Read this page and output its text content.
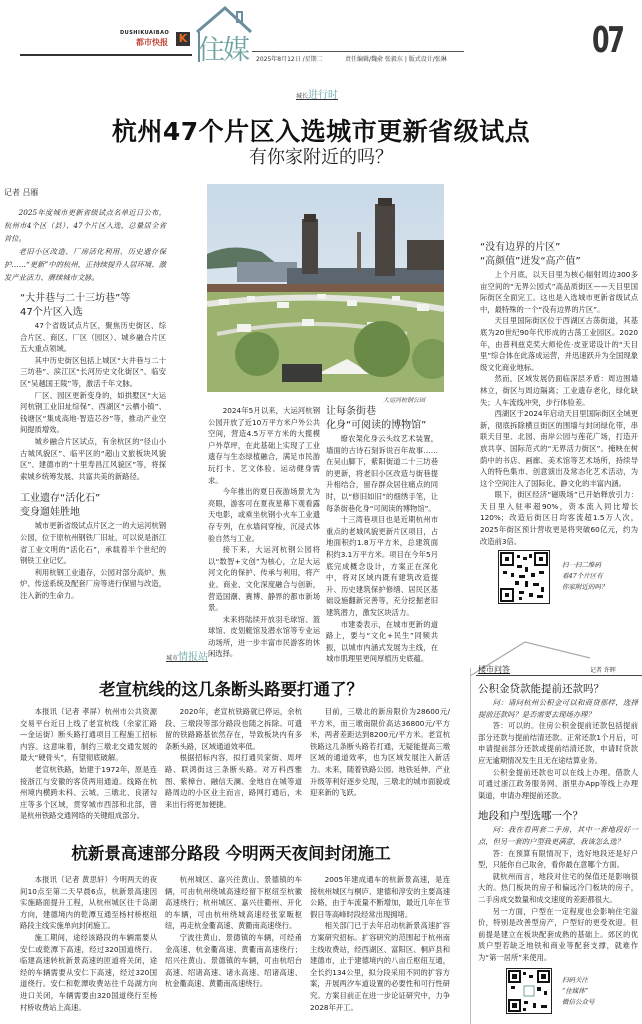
DUSHIKUAIBAO
都市快报 K 住媒 2025年8月12日 /星期二	责任编辑/魏俞 张毅东 | 版式设计/张琳	07
城长进行时
杭州47个片区入选城市更新省级试点
有你家附近的吗？
记者 吕雁

2025年度城市更新省级试点名单近日公布，杭州市4个区（县）、47个片区入选，总量居全省首位。

老旧小区改造、厂房活化利用、历史遗存保护……“更新”中的杭州，正持续提升人居环境、激发产业活力、赓续城市文脉。

“大井巷与二十三坊巷”等
47个片区入选

47个省级试点片区，聚焦历史街区、综合片区、商区、厂区（园区）、城乡融合片区五大重点领域。

其中历史街区包括上城区“大井巷与二十三坊巷”、滨江区“长河历史文化街区”、临安区“吴越国王陵”等，激活千年文脉。

厂区、园区更新变身的，如拱墅区“大运河杭钢工业旧址综保”、西湖区“云栖小镇”、钱塘区“集成高地·智造芯谷”等，推动产业空间提质增效。

城乡融合片区试点，有余杭区的“径山小古城风貌区”、临平区的“超山文旅板块风貌区”、建德市的“十里寿昌江风貌区”等，将探索城乡统筹发展、共富共美的新路径。

工业遗存“活化石”
变身遛娃胜地

城市更新省级试点片区之一的大运河杭钢公园，位于原杭州钢铁厂旧址，可以说是浙江省工业文明的“活化石”，承载着半个世纪的钢铁工业记忆。

利用杭钢工业遗存，公园对部分高炉、焦炉、传送系统及配套厂房等进行保留与改造，注入新的生命力。

大运河杭钢公园

2024年5月以来，大运河杭钢公园开放了近10万平方米户外公共空间，营造4.5万平方米的大揽模户外草坪，在此基础上实现了工业遗存与生态绿植融合，满足市民游玩打卡、艺文体验、运动健身需求。

今年推出的夏日夜游场景尤为亮眼，游客可在夏夜星幕下观看露天电影，或乘坐杭钢小火车工业遗存专列，在水墙间穿梭，沉浸式体验自然与工业。

接下来，大运河杭钢公园将以“数智+文创”为核心，立足大运河文化的保护、传承与利用，将产业、商业、文化深度融合与创新，营造国潮、赛博、静界的都市新场景。

未来将陆续开放羽毛球馆、篮球馆、皮划艇馆及潜水馆等专业运动场所，进一步丰富市民游客的休闲选择。

让每条街巷
化身“可阅读的博物馆”

缭农架化身云头纹艺术装置，墙面的古诗石刻诉说百年故事……在吴山脚下，紫阳街道二十三坊巷的更新，将老旧小区改造与街巷提升相结合，留存群众居住痛点的同时，以“修旧如旧”的细绣手笔，让每条街巷化身“可阅读的博物馆”。

十三湾巷项目也是近期杭州市重点的老城风貌更新片区项目，占地面积约1.8万平方米，总建筑面积约3.1万平方米。项目在今年5月底完成概念设计，方案正在深化中，将对区域内既有建筑改造提升、历史建筑保护修缮、居民区基础设施翻新完善等，充分挖掘老旧建筑潜力，激发区块活力。

市建委表示，在城市更新的道路上，要与“文化+民生”同频共振，以城市内涵式发展为主线，在城市肌理里更间厚植历史底蕴。

“没有边界的片区”
“高颜值”迸发“高产值”

上个月底，以天目里为核心辐射周边300多亩空间的“无界公园式”高品质街区——天目里国际街区全面完工。这也是入选城市更新省级试点中，最特殊的一个“没有边界的片区”。

天目里国际街区位于西湖区古荡街道，其基底为20世纪90年代形成的古荡工业园区。2020年，由普利兹克奖大师伦佐·皮亚诺设计的“天目里”综合体在此落成运营，并迅速跃升为全国现象级文化商业地标。

然而，区域发展仍面临深层矛盾：周边围墙林立，街区与周边隔离；工业遗存老化，绿化缺失；人车流线冲突，步行体验差。

西湖区于2024年启动天目里国际街区全域更新，彻底拆除横亘街区的围墙与封闭绿化带，串联天目里、北园、南岸公园与莲花广场，打造开放共享、国际范式的“无界活力街区”。掩映在树荫中的书店、画廊、美术馆等艺术场所，持续导入的特色集市、创意演出及常态化艺术活动，为这个空间注入了国际化、静文化的丰富内涵。

眼下，街区经济“磁吸场”已开始释放引力：天目里入驻率超90%，资本流入同比增长120%；改造后街区日均客流超1.5万人次，2025年街区预计营收更是将突破60亿元，约为改造前3倍。

扫一扫二维码
看47个片区有
你家附近的吗？
城市情报站
老宣杭线的这几条断头路要打通了？

本报讯（记者 孝屏）杭州市公共资源交易平台近日上线了老宣杭线（余家汇路—金运街）断头路打通项目工程施工招标内容。这意味着，制约三墩北交通发展的最大“硬骨头”，有望彻底破解。

老宣杭铁路，始建于1972年，原是连接浙江与安徽的客货两用通道。线路在杭州境内横跨未科、云城、三墩北、良渚勾庄等多个区域，贯穿城市西部和北部，曾是杭州铁路交通网络的关键组成部分。

2020年，老宣杭铁路就已停运，余杭段、三墩段等部分路段也随之拆除。可遗留的铁路路基依然存在，导致板块内有多条断头路，区域通道效率低。

根据招标内容，拟打通贝家街、周坪路、联鸿街这三条断头路。对万科西雅图、紫樟台、融信天澜、金地自在城等道路周边的小区业主而言，路网打通后，未来出行将更加便捷。

目前，三墩北的新房限价为28600元/平方米，而三墩南限价高达36800元/平方米，两者差距达到8200元/平方米。老宣杭铁路这几条断头路若打通，无疑能提高三墩区域的通道效率，也为区域发展注入新活力。未来，随着铁路公园、地铁延伸、产业升级等利好逐步兑现，三墩北的城市面貌或迎来新的飞跃。

杭新景高速部分路段 今明两天夜间封闭施工

本报讯（记者 黄思轩）今明两天的夜间10点至第二天早晨6点，杭新景高速因实施路面提升工程，从杭州城区往千岛湖方向，建德境内的乾潭互通至杨村桥枢纽路段主线实施单向封闭施工。

施工期间，途经该路段的车辆需要从安仁或乾潭下高速，经过320国道绕行。临建高速转杭新景高速的匝道将关闭，途经的车辆需要从安仁下高速，经过320国道绕行。安仁和乾潭收费站往千岛湖方向进口关闭，车辆需要由320国道绕行至杨村桥收费站上高速。

杭州城区、嘉兴往黄山、景德镇的车辆，可由杭州绕城高速经留下枢纽至杭徽高速绕行；杭州城区、嘉兴往衢州、开化的车辆，可由杭州绕城高速经张家畈枢纽，再走杭金衢高速、黄衢南高速绕行。

宁波往黄山、景德镇的车辆，可经甬金高速、杭金衢高速、黄衢南高速绕行；绍兴往黄山、景德镇的车辆，可由杭绍台高速、绍诸高速、诸永高速、绍诸高速、杭金衢高速、黄衢南高速绕行。

2005年建成通车的杭新景高速，是连接杭州城区与桐庐、建德和淳安的主要高速公路，由于车流量不断增加，最近几年在节假日等高峰时段经常出现拥堵。

相关部门已于去年启动杭新景高速扩容方案研究招标。扩容研究的范围起于杭州南主线收费站，经西湖区、富阳区、桐庐县和建德市，止于建德境内的八亩丘枢纽互通，全长约134公里，拟分段采用不同的扩容方案，开展两汐车道设置的必要性和可行性研究。方案目前正在进一步论证研究中，力争2028年开工。

楼市问答	记者 许晖
公积金贷款能提前还款吗？

问：请问杭州公积金可以和商贷那样，选择提前还款吗？是否需要去现场办理？

答：可以的。住房公积金提前还款包括提前部分还款与提前结清还款。正常还款1个月后，可申请提前部分还款或提前结清还款，申请时贷款应无逾期情况发生且无在途结算业务。

公积金提前还款也可以在线上办理。借款人可通过浙江政务服务网、浙里办App等线上办理渠道，申请办理提前还款。

地段和户型选哪一个？

问：我在看两套二手房，其中一套地段好一点，但另一套的户型我更满意，我该怎么选？

答：在预算有限情况下，选好地段还是好户型，只能你自己取舍，看你最在意哪个方面。

就杭州而言，地段对住宅的保值还是影响很大的。热门板块的房子和偏远冷门板块的房子，二手房成交数量和成交速度的差距都很大。

另一方面，户型在一定程度也会影响住宅溢价，特别是改善型房产，户型好的更受欢迎。但前提是建立在板块配套成熟的基础上。郊区的优质户型若缺乏地铁和商业等配套支撑，就难作为“第一居所”来使用。

扫码关注
“住媒体”
微信公众号
